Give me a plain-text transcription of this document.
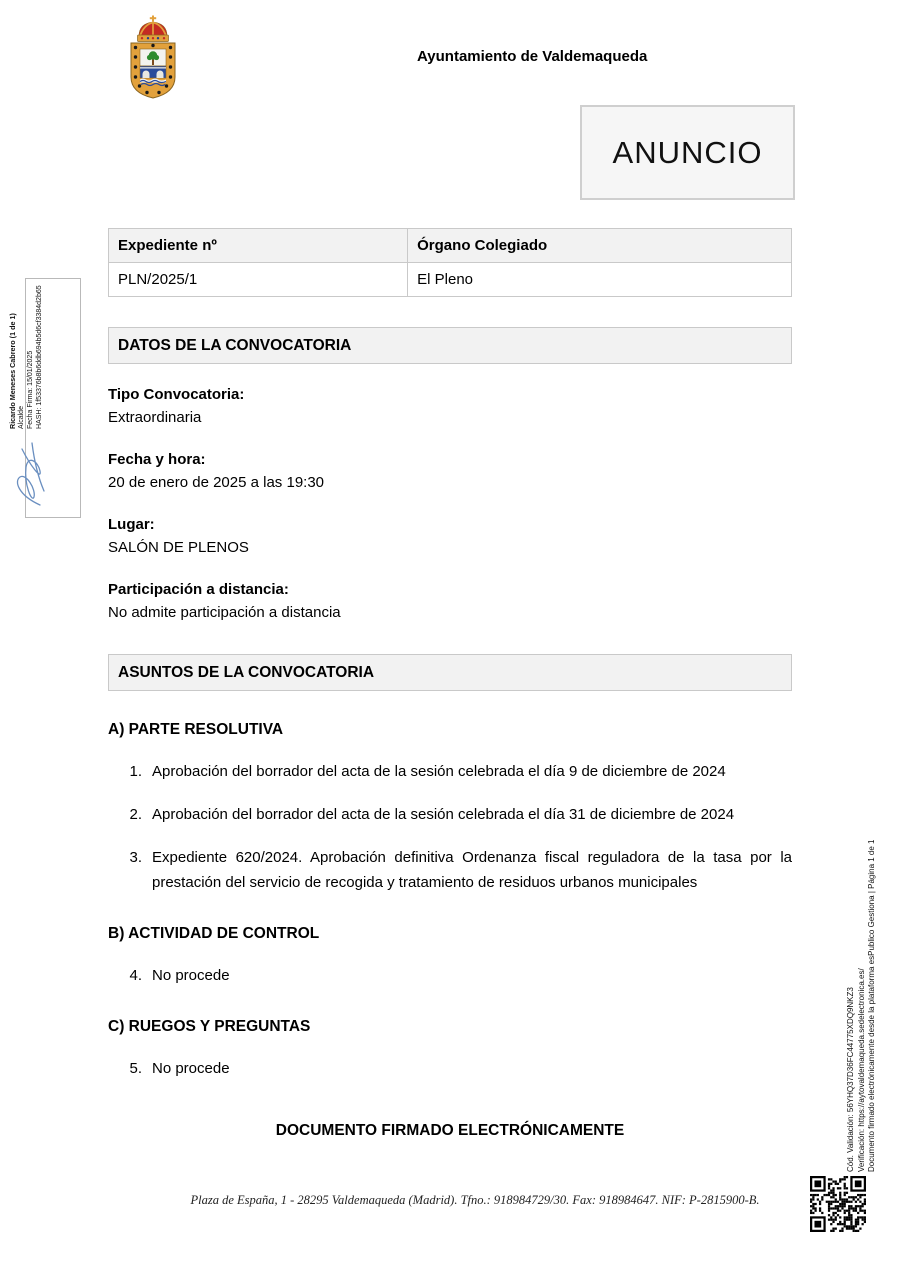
Ayuntamiento de Valdemaqueda
ANUNCIO
Expediente nº	Órgano Colegiado
PLN/2025/1	El Pleno
DATOS DE LA CONVOCATORIA
Tipo Convocatoria:
Extraordinaria
Fecha y hora:
20 de enero de 2025 a las 19:30
Lugar:
SALÓN DE PLENOS
Participación a distancia:
No admite participación a distancia
ASUNTOS DE LA CONVOCATORIA
A) PARTE RESOLUTIVA
1. Aprobación del borrador del acta de la sesión celebrada el día 9 de diciembre de 2024
2. Aprobación del borrador del acta de la sesión celebrada el día 31 de diciembre de 2024
3. Expediente 620/2024. Aprobación definitiva Ordenanza fiscal reguladora de la tasa por la prestación del servicio de recogida y tratamiento de residuos urbanos municipales
B) ACTIVIDAD DE CONTROL
4. No procede
C) RUEGOS Y PREGUNTAS
5. No procede
DOCUMENTO FIRMADO ELECTRÓNICAMENTE
Ricardo Meneses Cabrero (1 de 1) Alcalde Fecha Firma: 15/01/2025 HASH: 1f53376b8b6ddb694b5d6cf3384d2b65
Cód. Validación: 56YHQ37D36FC44775XDQ9NKZ3 Verificación: https://aytovaldemaqueda.sedelectronica.es/ Documento firmado electrónicamente desde la plataforma esPublico Gestiona | Página 1 de 1
Plaza de España, 1 - 28295 Valdemaqueda (Madrid). Tfno.: 918984729/30. Fax: 918984647. NIF: P-2815900-B.
